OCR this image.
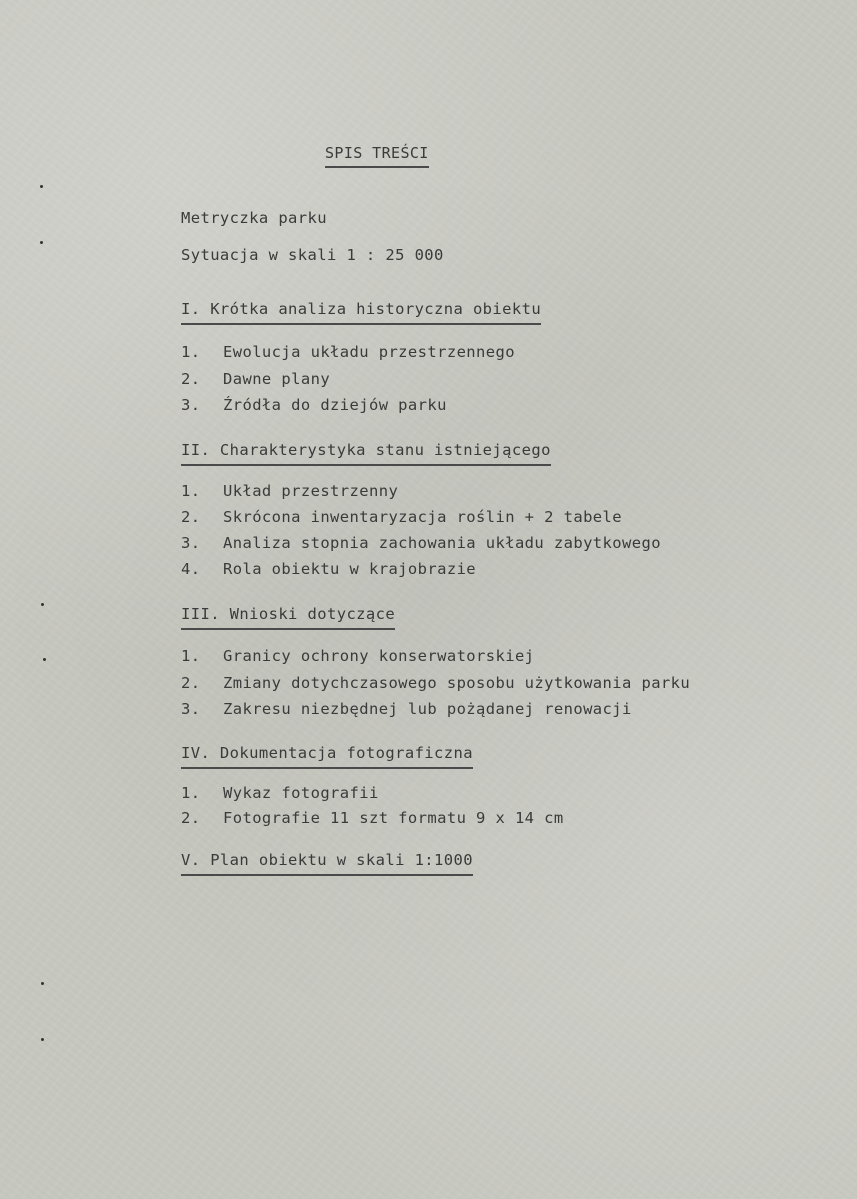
SPIS TREŚCI
Metryczka parku
Sytuacja w skali 1 : 25 000
I. Krótka analiza historyczna obiektu
1. Ewolucja układu przestrzennego
2. Dawne plany
3. Źródła do dziejów parku
II. Charakterystyka stanu istniejącego
1. Układ przestrzenny
2. Skrócona inwentaryzacja roślin + 2 tabele
3. Analiza stopnia zachowania układu zabytkowego
4. Rola obiektu w krajobrazie
III. Wnioski dotyczące
1. Granicy ochrony konserwatorskiej
2. Zmiany dotychczasowego sposobu użytkowania parku
3. Zakresu niezbędnej lub pożądanej renowacji
IV. Dokumentacja fotograficzna
1. Wykaz fotografii
2. Fotografie 11 szt formatu 9 x 14 cm
V. Plan obiektu w skali 1:1000
